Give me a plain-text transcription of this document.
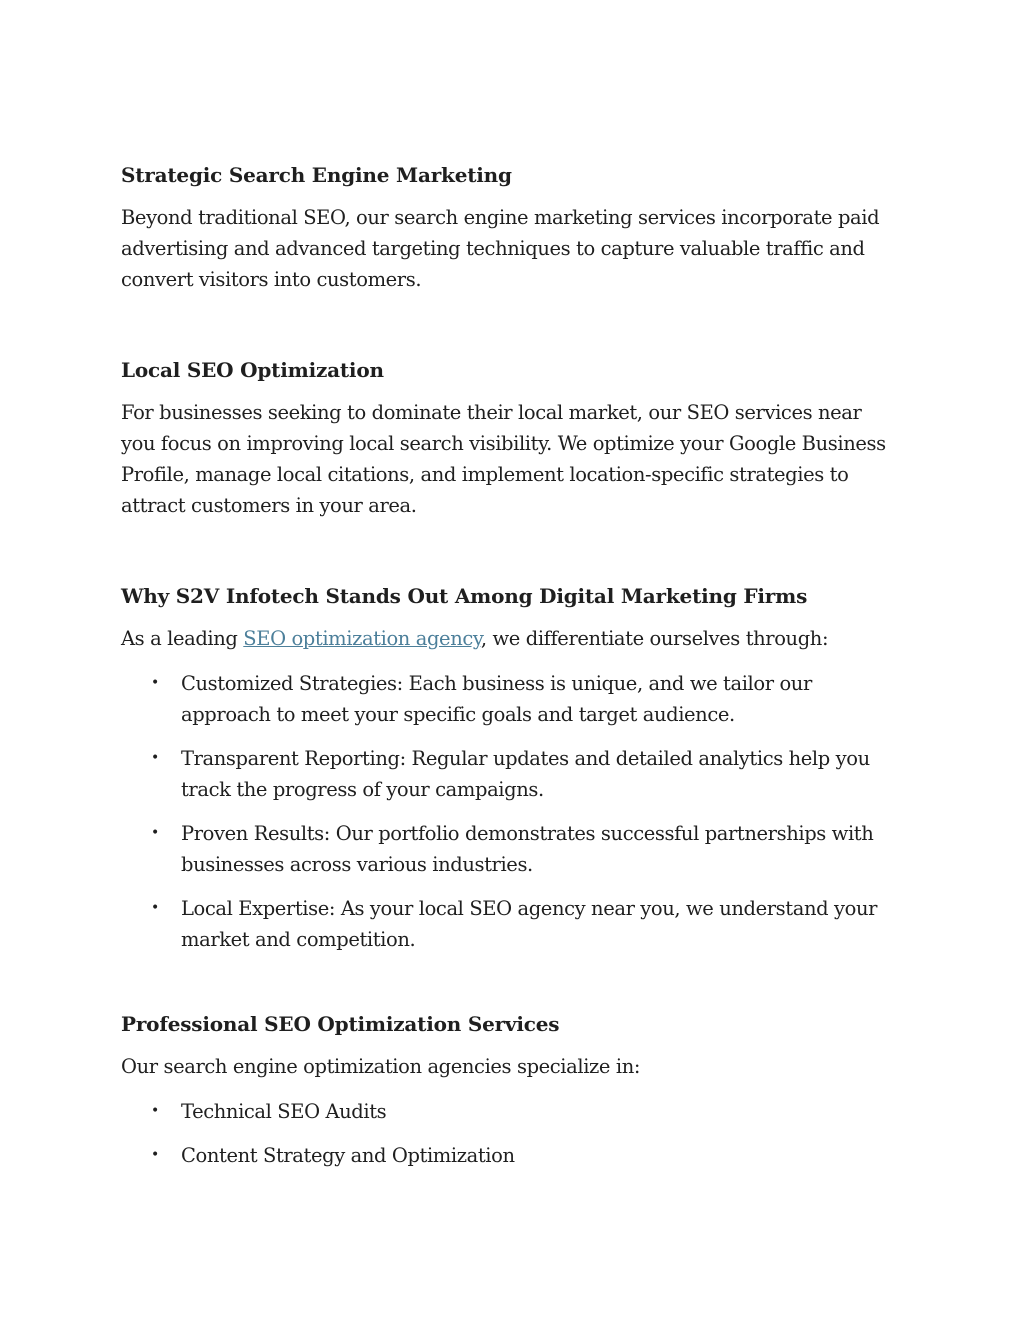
Strategic Search Engine Marketing

Beyond traditional SEO, our search engine marketing services incorporate paid advertising and advanced targeting techniques to capture valuable traffic and convert visitors into customers.

Local SEO Optimization

For businesses seeking to dominate their local market, our SEO services near you focus on improving local search visibility. We optimize your Google Business Profile, manage local citations, and implement location-specific strategies to attract customers in your area.

Why S2V Infotech Stands Out Among Digital Marketing Firms

As a leading SEO optimization agency, we differentiate ourselves through:

• Customized Strategies: Each business is unique, and we tailor our approach to meet your specific goals and target audience.
• Transparent Reporting: Regular updates and detailed analytics help you track the progress of your campaigns.
• Proven Results: Our portfolio demonstrates successful partnerships with businesses across various industries.
• Local Expertise: As your local SEO agency near you, we understand your market and competition.
Professional SEO Optimization Services

Our search engine optimization agencies specialize in:

• Technical SEO Audits
• Content Strategy and Optimization
